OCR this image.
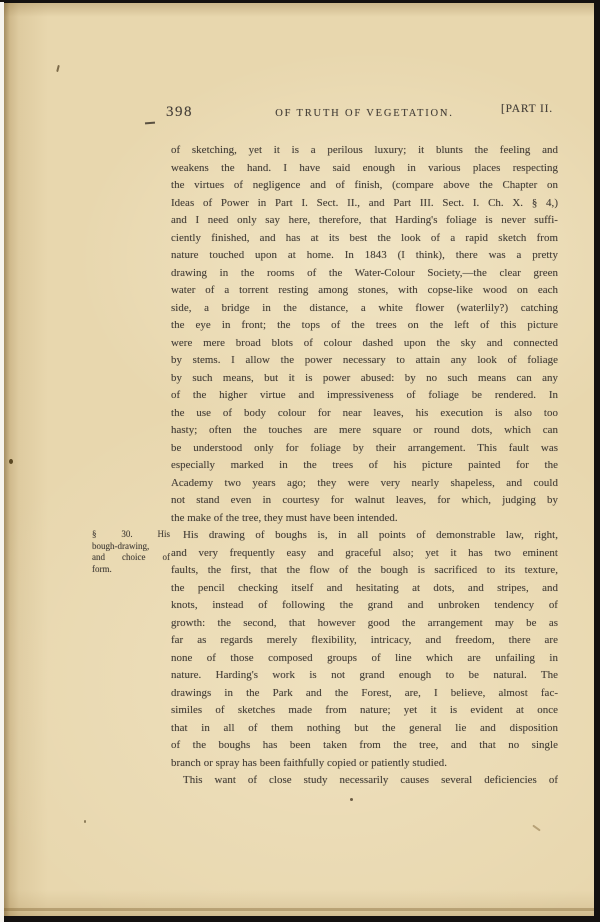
398	OF TRUTH OF VEGETATION.	[PART II.
of sketching, yet it is a perilous luxury; it blunts the feeling and
weakens the hand. I have said enough in various places respecting
the virtues of negligence and of finish, (compare above the Chapter on
Ideas of Power in Part I. Sect. II., and Part III. Sect. I. Ch. X. § 4,)
and I need only say here, therefore, that Harding's foliage is never suffi-
ciently finished, and has at its best the look of a rapid sketch from
nature touched upon at home. In 1843 (I think), there was a pretty
drawing in the rooms of the Water-Colour Society,—the clear green
water of a torrent resting among stones, with copse-like wood on each
side, a bridge in the distance, a white flower (waterlily?) catching
the eye in front; the tops of the trees on the left of this picture
were mere broad blots of colour dashed upon the sky and connected
by stems. I allow the power necessary to attain any look of foliage
by such means, but it is power abused: by no such means can any
of the higher virtue and impressiveness of foliage be rendered. In
the use of body colour for near leaves, his execution is also too
hasty; often the touches are mere square or round dots, which can
be understood only for foliage by their arrangement. This fault was
especially marked in the trees of his picture painted for the
Academy two years ago; they were very nearly shapeless, and could
not stand even in courtesy for walnut leaves, for which, judging by
the make of the tree, they must have been intended.
His drawing of boughs is, in all points of demonstrable law, right,
and very frequently easy and graceful also; yet it has two eminent
faults, the first, that the flow of the bough is sacrificed to its texture,
the pencil checking itself and hesitating at dots, and stripes, and
knots, instead of following the grand and unbroken tendency of
growth: the second, that however good the arrangement may be as
far as regards merely flexibility, intricacy, and freedom, there are
none of those composed groups of line which are unfailing in
nature. Harding's work is not grand enough to be natural. The
drawings in the Park and the Forest, are, I believe, almost fac-
similes of sketches made from nature; yet it is evident at once
that in all of them nothing but the general lie and disposition
of the boughs has been taken from the tree, and that no single
branch or spray has been faithfully copied or patiently studied.
This want of close study necessarily causes several deficiencies of
§ 30. His
bough-drawing,
and choice of
form.
